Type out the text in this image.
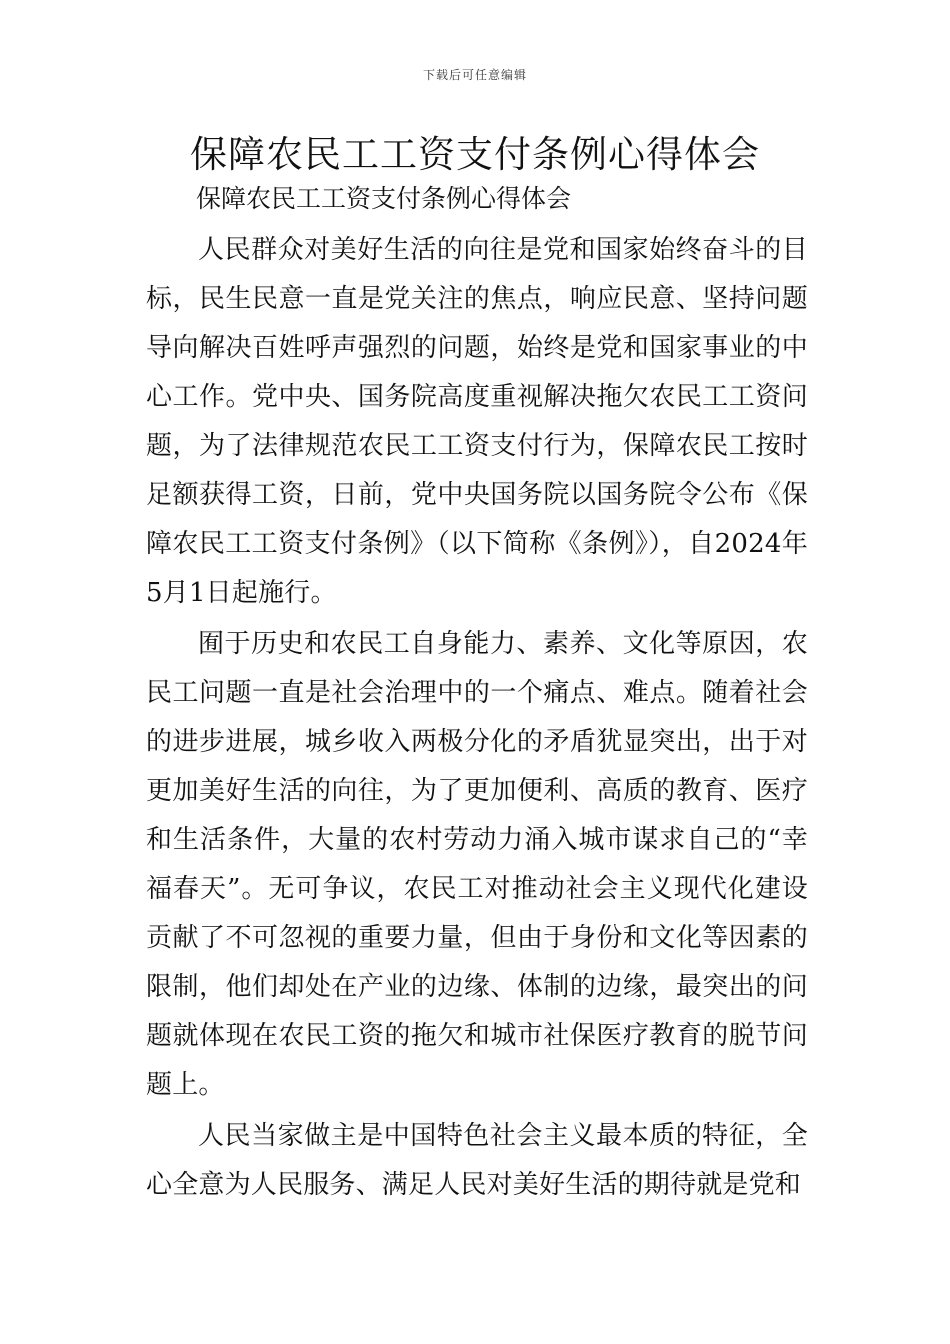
下载后可任意编辑
保障农民工工资支付条例心得体会

保障农民工工资支付条例心得体会

人民群众对美好生活的向往是党和国家始终奋斗的目标，民生民意一直是党关注的焦点，响应民意、坚持问题导向解决百姓呼声强烈的问题，始终是党和国家事业的中心工作。党中央、国务院高度重视解决拖欠农民工工资问题，为了法律规范农民工工资支付行为，保障农民工按时足额获得工资，日前，党中央国务院以国务院令公布《保障农民工工资支付条例》（以下简称《条例》），自2024年5月1日起施行。

囿于历史和农民工自身能力、素养、文化等原因，农民工问题一直是社会治理中的一个痛点、难点。随着社会的进步进展，城乡收入两极分化的矛盾犹显突出，出于对更加美好生活的向往，为了更加便利、高质的教育、医疗和生活条件，大量的农村劳动力涌入城市谋求自己的“幸福春天”。无可争议，农民工对推动社会主义现代化建设贡献了不可忽视的重要力量，但由于身份和文化等因素的限制，他们却处在产业的边缘、体制的边缘，最突出的问题就体现在农民工资的拖欠和城市社保医疗教育的脱节问题上。

人民当家做主是中国特色社会主义最本质的特征，全心全意为人民服务、满足人民对美好生活的期待就是党和
